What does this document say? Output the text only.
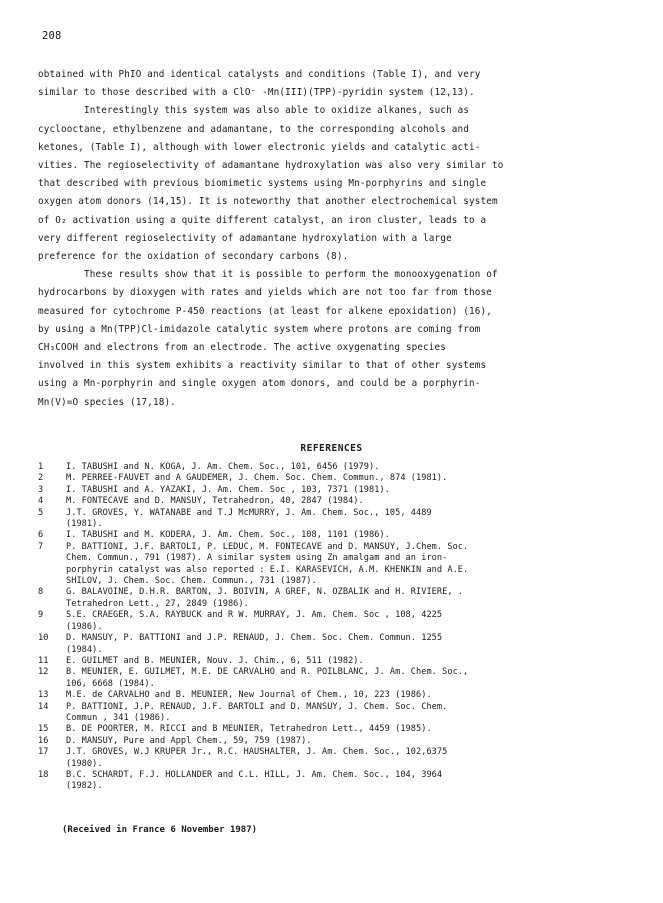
208

obtained with PhIO and identical catalysts and conditions (Table I), and very

similar to those described with a ClO⁻ -Mn(III)(TPP)-pyridin system (12,13).

Interestingly this system was also able to oxidize alkanes, such as

cyclooctane, ethylbenzene and adamantane, to the corresponding alcohols and

ketones, (Table I), although with lower electronic yields and catalytic acti-

vities. The regioselectivity of adamantane hydroxylation was also very similar to

that described with previous biomimetic systems using Mn-porphyrins and single

oxygen atom donors (14,15). It is noteworthy that another electrochemical system

of O₂ activation using a quite different catalyst, an iron cluster, leads to a

very different regioselectivity of adamantane hydroxylation with a large

preference for the oxidation of secondary carbons (8).

These results show that it is possible to perform the monooxygenation of

hydrocarbons by dioxygen with rates and yields which are not too far from those

measured for cytochrome P-450 reactions (at least for alkene epoxidation) (16),

by using a Mn(TPP)Cl-imidazole catalytic system where protons are coming from

CH₃COOH and electrons from an electrode. The active oxygenating species

involved in this system exhibits a reactivity similar to that of other systems

using a Mn-porphyrin and single oxygen atom donors, and could be a porphyrin-

Mn(V)=O species (17,18).

REFERENCES
1	I. TABUSHI and N. KOGA, J. Am. Chem. Soc., 101, 6456 (1979).
2	M. PERREE-FAUVET and A GAUDEMER, J. Chem. Soc. Chem. Commun., 874 (1981).
3	I. TABUSHI and A. YAZAKI, J. Am. Chem. Soc , 103, 7371 (1981).
4	M. FONTECAVE and D. MANSUY, Tetrahedron, 40, 2847 (1984).
5	J.T. GROVES, Y. WATANABE and T.J McMURRY, J. Am. Chem. Soc., 105, 4489
(1981).
6	I. TABUSHI and M. KODERA, J. Am. Chem. Soc., 108, 1101 (1986).
7	P. BATTIONI, J.F. BARTOLI, P. LEDUC, M. FONTECAVE and D. MANSUY, J.Chem. Soc.
Chem. Commun., 791 (1987). A similar system using Zn amalgam and an iron-
porphyrin catalyst was also reported : E.I. KARASEVICH, A.M. KHENKIN and A.E.
SHILOV, J. Chem. Soc. Chem. Commun., 731 (1987).
8	G. BALAVOINE, D.H.R. BARTON, J. BOIVIN, A GREF, N. OZBALIK and H. RIVIERE, .
Tetrahedron Lett., 27, 2849 (1986).
9	S.E. CRAEGER, S.A. RAYBUCK and R W. MURRAY, J. Am. Chem. Soc , 108, 4225
(1986).
10	D. MANSUY, P. BATTIONI and J.P. RENAUD, J. Chem. Soc. Chem. Commun. 1255
(1984).
11	E. GUILMET and B. MEUNIER, Nouv. J. Chim., 6, 511 (1982).
12	B. MEUNIER, E. GUILMET, M.E. DE CARVALHO and R. POILBLANC, J. Am. Chem. Soc.,
106, 6668 (1984).
13	M.E. de CARVALHO and B. MEUNIER, New Journal of Chem., 10, 223 (1986).
14	P. BATTIONI, J.P. RENAUD, J.F. BARTOLI and D. MANSUY, J. Chem. Soc. Chem.
Commun , 341 (1986).
15	B. DE POORTER, M. RICCI and B MEUNIER, Tetrahedron Lett., 4459 (1985).
16	D. MANSUY, Pure and Appl Chem., 59, 759 (1987).
17	J.T. GROVES, W.J KRUPER Jr., R.C. HAUSHALTER, J. Am. Chem. Soc., 102,6375
(1980).
18	B.C. SCHARDT, F.J. HOLLANDER and C.L. HILL, J. Am. Chem. Soc., 104, 3964
(1982).
(Received in France 6 November 1987)
